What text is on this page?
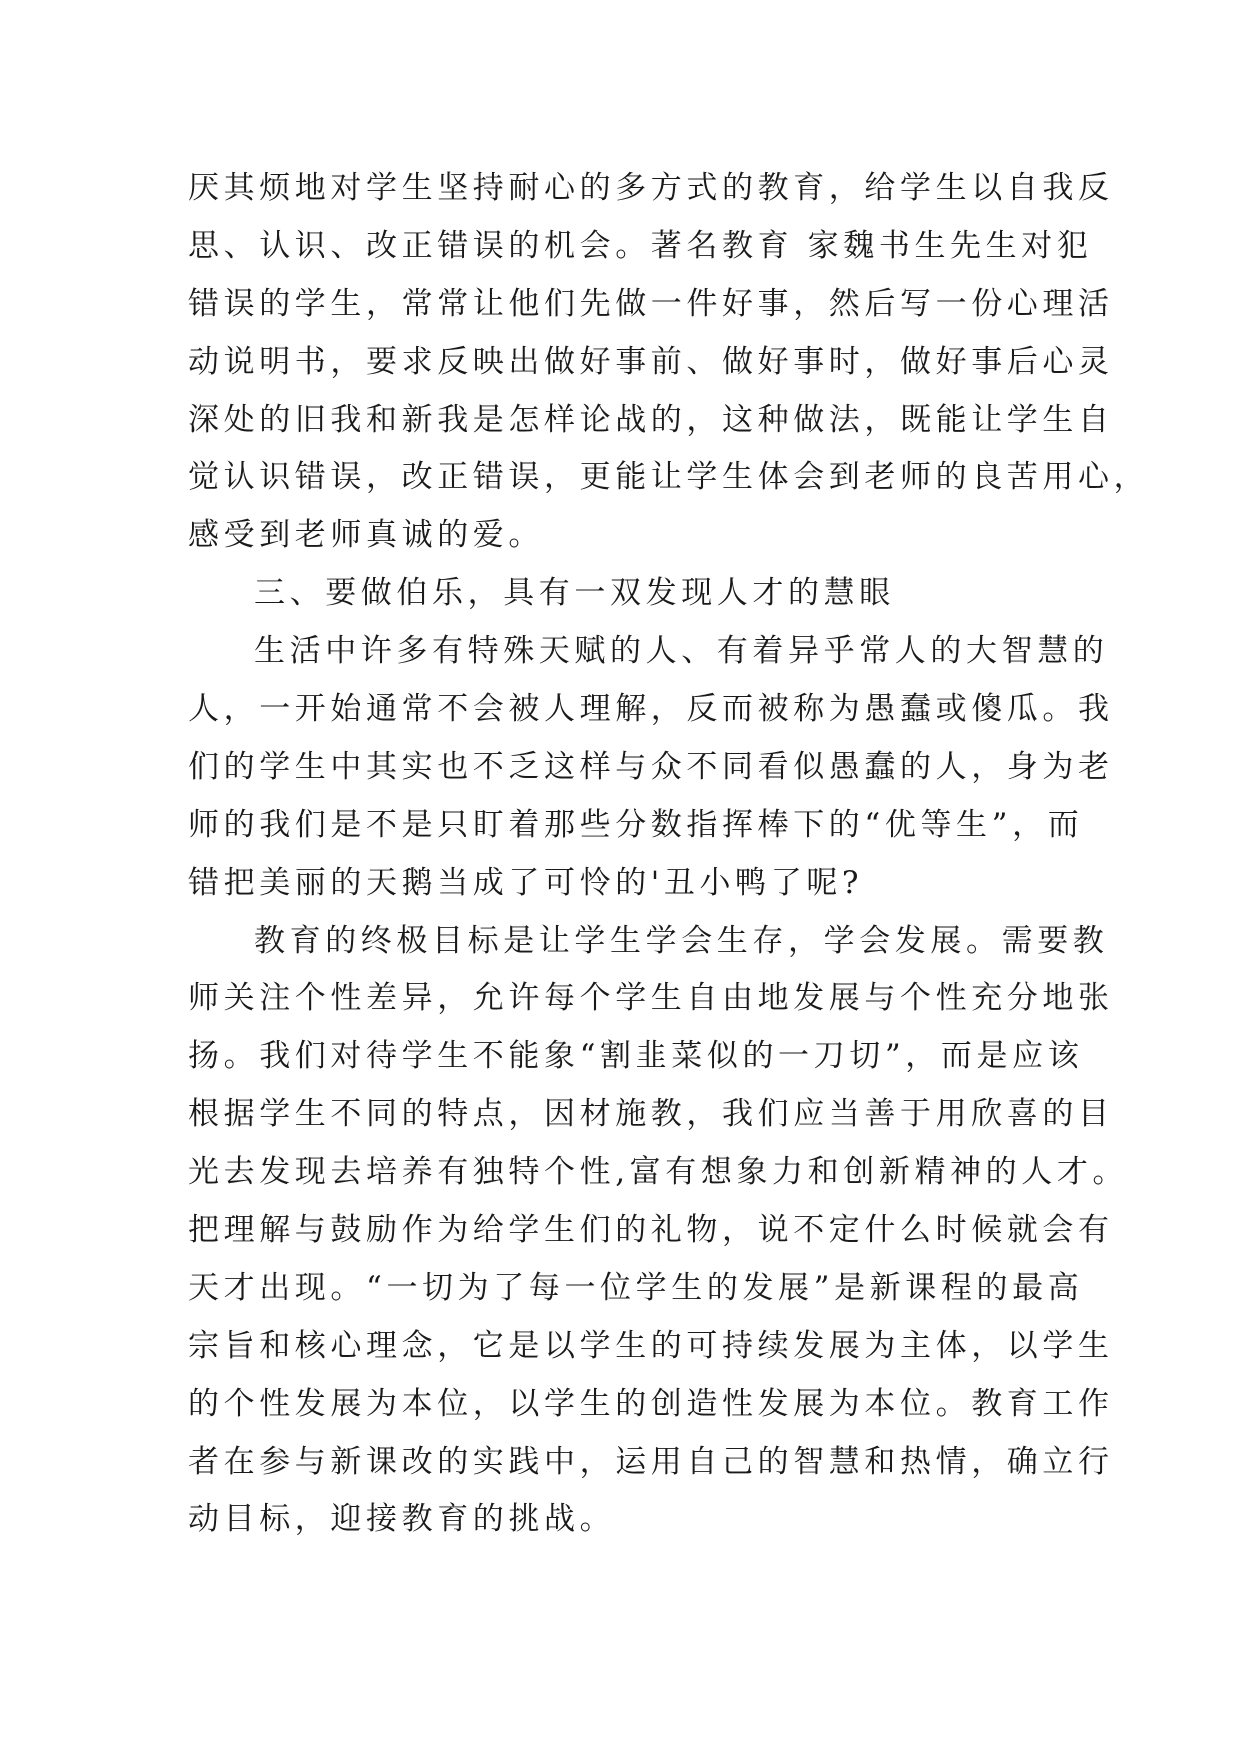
厌其烦地对学生坚持耐心的多方式的教育，给学生以自我反
思、认识、改正错误的机会。著名教育 家魏书生先生对犯
错误的学生，常常让他们先做一件好事，然后写一份心理活
动说明书，要求反映出做好事前、做好事时，做好事后心灵
深处的旧我和新我是怎样论战的，这种做法，既能让学生自
觉认识错误，改正错误，更能让学生体会到老师的良苦用心，
感受到老师真诚的爱。
三、要做伯乐，具有一双发现人才的慧眼
生活中许多有特殊天赋的人、有着异乎常人的大智慧的
人，一开始通常不会被人理解，反而被称为愚蠢或傻瓜。我
们的学生中其实也不乏这样与众不同看似愚蠢的人，身为老
师的我们是不是只盯着那些分数指挥棒下的“优等生”，而
错把美丽的天鹅当成了可怜的'丑小鸭了呢?
教育的终极目标是让学生学会生存，学会发展。需要教
师关注个性差异，允许每个学生自由地发展与个性充分地张
扬。我们对待学生不能象“割韭菜似的一刀切”，而是应该
根据学生不同的特点，因材施教，我们应当善于用欣喜的目
光去发现去培养有独特个性,富有想象力和创新精神的人才。
把理解与鼓励作为给学生们的礼物，说不定什么时候就会有
天才出现。“一切为了每一位学生的发展”是新课程的最高
宗旨和核心理念，它是以学生的可持续发展为主体，以学生
的个性发展为本位，以学生的创造性发展为本位。教育工作
者在参与新课改的实践中，运用自己的智慧和热情，确立行
动目标，迎接教育的挑战。
